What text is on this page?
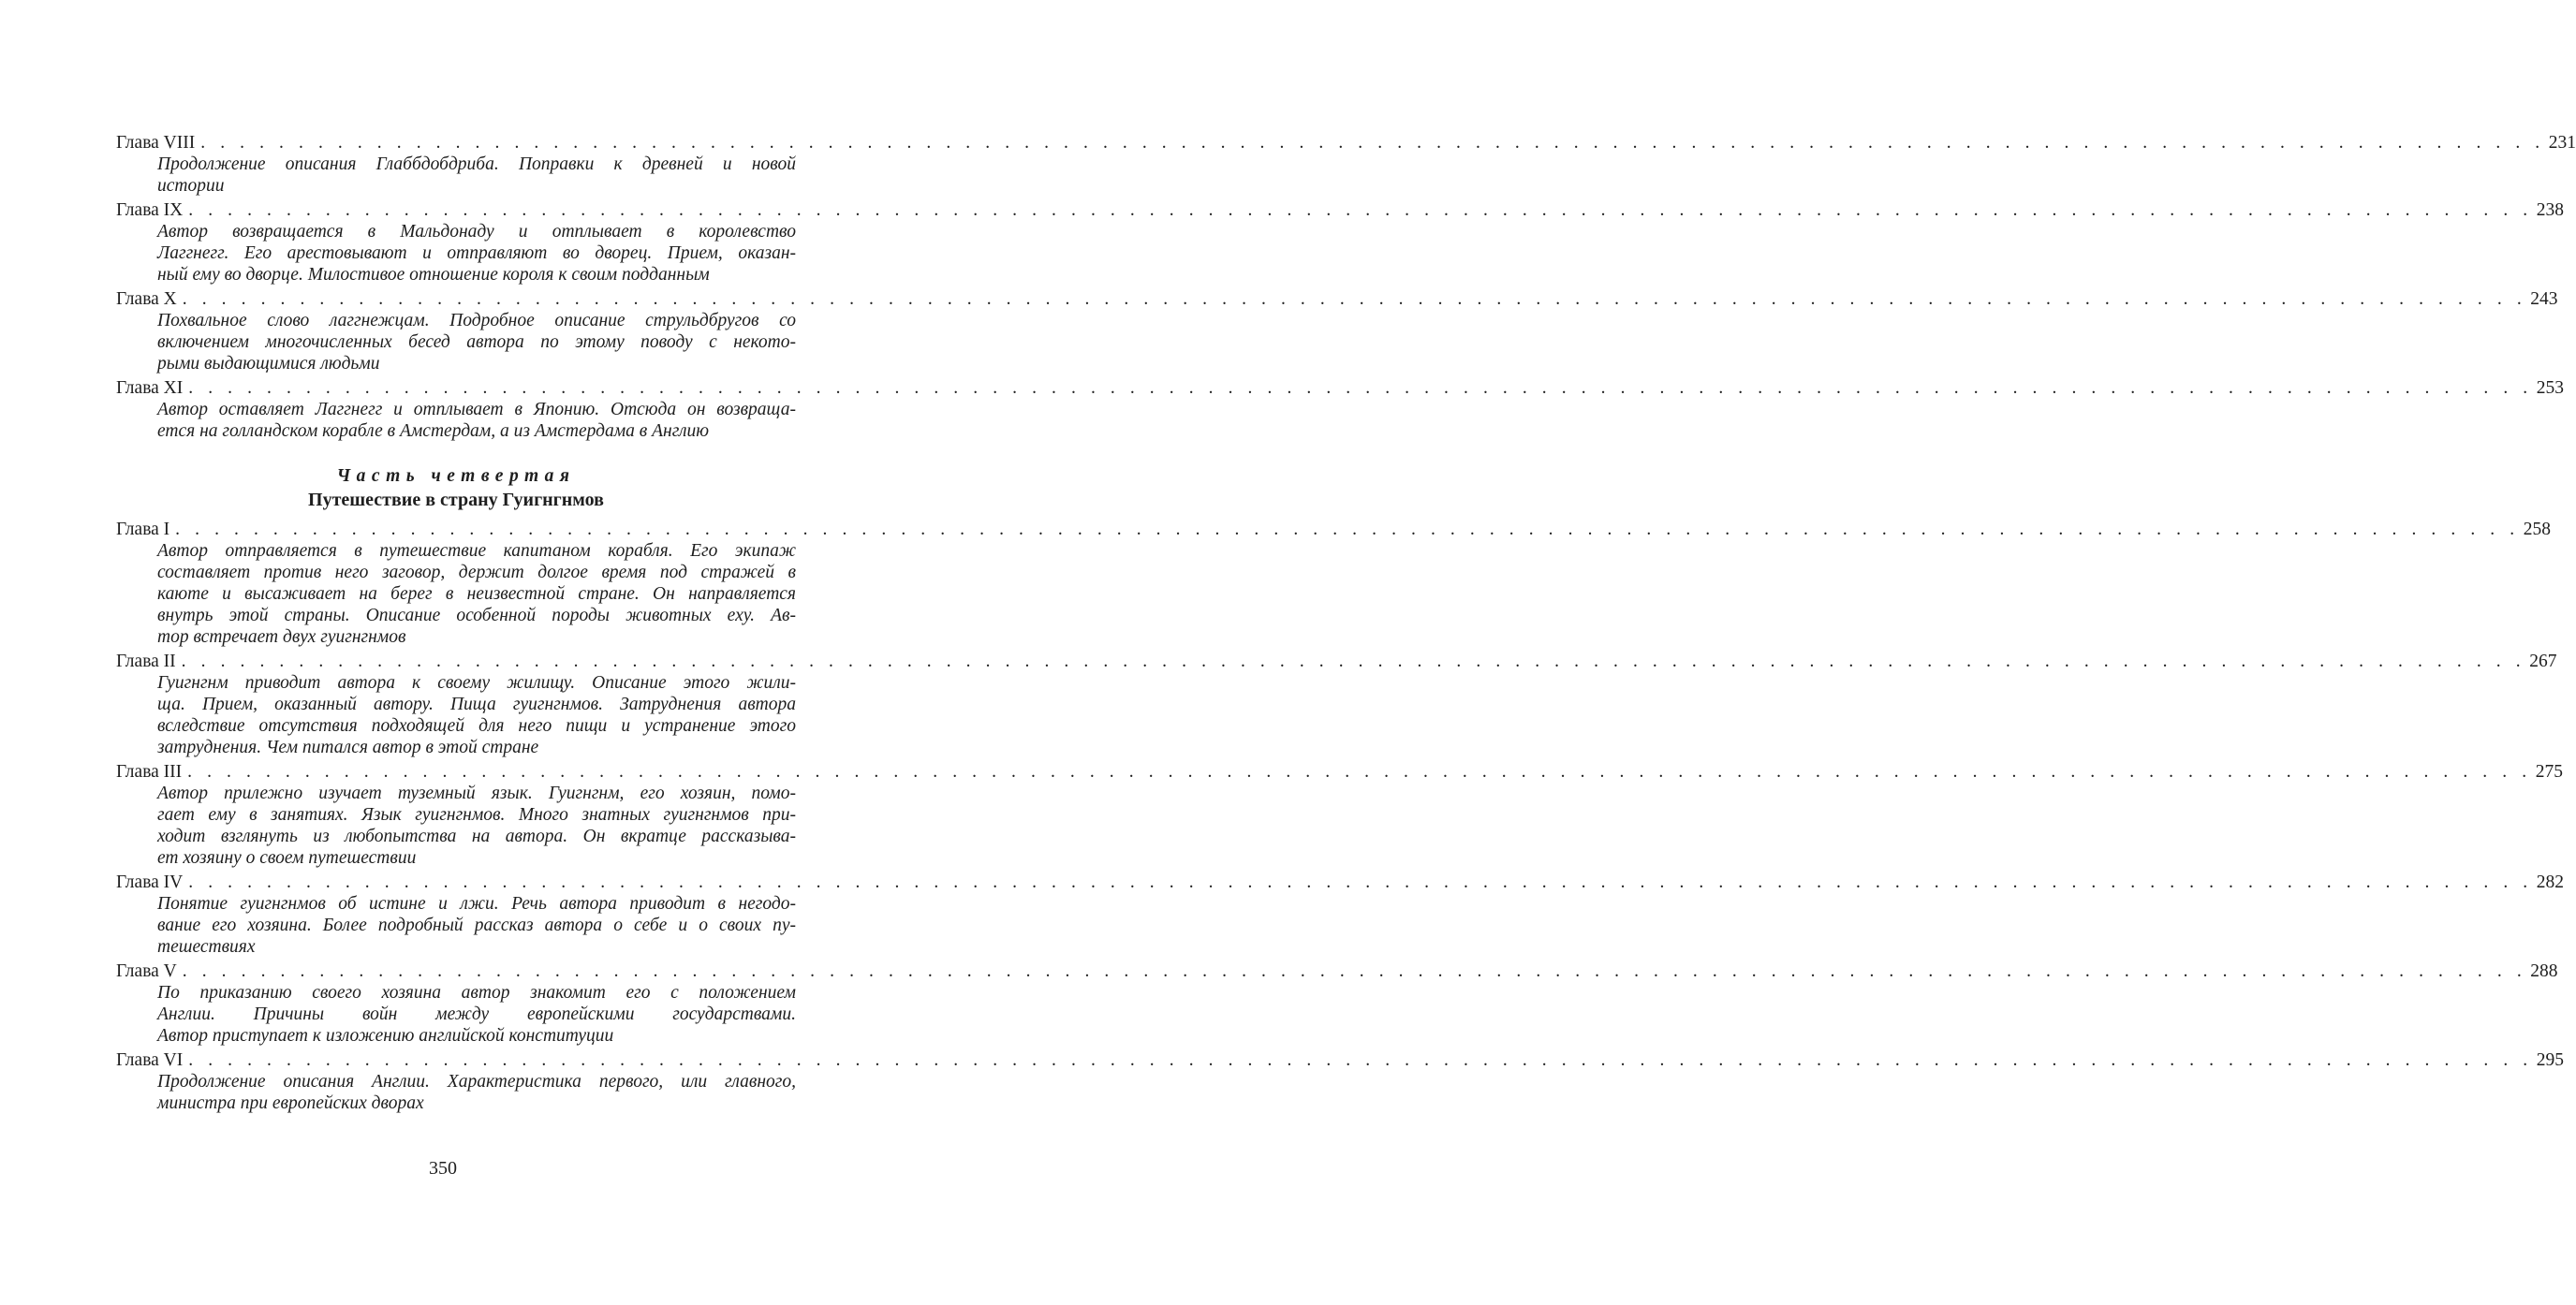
Глава VIII . . . . . . . . . . . . . . . . . . . . . . . . . . . . . . . . . . . . . . . . . . . . . . . . . . . . . . . . . . . . . . . . . . . . . . . . . . . . . . . . . . . . . . . . . . . . . . . . . . . . . . . . . . . . . . . . . . . . . . . . 231
Продолжение описания Глаббдобдриба. Поправки к древней и новой
истории
Глава IX . . . . . . . . . . . . . . . . . . . . . . . . . . . . . . . . . . . . . . . . . . . . . . . . . . . . . . . . . . . . . . . . . . . . . . . . . . . . . . . . . . . . . . . . . . . . . . . . . . . . . . . . . . . . . . . . . . . . . . . . 238
Автор возвращается в Мальдонаду и отплывает в королевство
Лаггнегг. Его арестовывают и отправляют во дворец. Прием, оказан-
ный ему во дворце. Милостивое отношение короля к своим подданным
Глава X . . . . . . . . . . . . . . . . . . . . . . . . . . . . . . . . . . . . . . . . . . . . . . . . . . . . . . . . . . . . . . . . . . . . . . . . . . . . . . . . . . . . . . . . . . . . . . . . . . . . . . . . . . . . . . . . . . . . . . . . 243
Похвальное слово лаггнежцам. Подробное описание струльдбругов со
включением многочисленных бесед автора по этому поводу с некото-
рыми выдающимися людьми
Глава XI . . . . . . . . . . . . . . . . . . . . . . . . . . . . . . . . . . . . . . . . . . . . . . . . . . . . . . . . . . . . . . . . . . . . . . . . . . . . . . . . . . . . . . . . . . . . . . . . . . . . . . . . . . . . . . . . . . . . . . . . 253
Автор оставляет Лаггнегг и отплывает в Японию. Отсюда он возвраща-
ется на голландском корабле в Амстердам, а из Амстердама в Англию
Часть четвертая
Путешествие в страну Гуигнгнмов
Глава I . . . . . . . . . . . . . . . . . . . . . . . . . . . . . . . . . . . . . . . . . . . . . . . . . . . . . . . . . . . . . . . . . . . . . . . . . . . . . . . . . . . . . . . . . . . . . . . . . . . . . . . . . . . . . . . . . . . . . . . . 258
Автор отправляется в путешествие капитаном корабля. Его экипаж
составляет против него заговор, держит долгое время под стражей в
каюте и высаживает на берег в неизвестной стране. Он направляется
внутрь этой страны. Описание особенной породы животных еху. Ав-
тор встречает двух гуигнгнмов
Глава II . . . . . . . . . . . . . . . . . . . . . . . . . . . . . . . . . . . . . . . . . . . . . . . . . . . . . . . . . . . . . . . . . . . . . . . . . . . . . . . . . . . . . . . . . . . . . . . . . . . . . . . . . . . . . . . . . . . . . . . . 267
Гуигнгнм приводит автора к своему жилищу. Описание этого жили-
ща. Прием, оказанный автору. Пища гуигнгнмов. Затруднения автора
вследствие отсутствия подходящей для него пищи и устранение этого
затруднения. Чем питался автор в этой стране
Глава III . . . . . . . . . . . . . . . . . . . . . . . . . . . . . . . . . . . . . . . . . . . . . . . . . . . . . . . . . . . . . . . . . . . . . . . . . . . . . . . . . . . . . . . . . . . . . . . . . . . . . . . . . . . . . . . . . . . . . . . . 275
Автор прилежно изучает туземный язык. Гуигнгнм, его хозяин, помо-
гает ему в занятиях. Язык гуигнгнмов. Много знатных гуигнгнмов при-
ходит взглянуть из любопытства на автора. Он вкратце рассказыва-
ет хозяину о своем путешествии
Глава IV . . . . . . . . . . . . . . . . . . . . . . . . . . . . . . . . . . . . . . . . . . . . . . . . . . . . . . . . . . . . . . . . . . . . . . . . . . . . . . . . . . . . . . . . . . . . . . . . . . . . . . . . . . . . . . . . . . . . . . . . 282
Понятие гуигнгнмов об истине и лжи. Речь автора приводит в негодо-
вание его хозяина. Более подробный рассказ автора о себе и о своих пу-
тешествиях
Глава V . . . . . . . . . . . . . . . . . . . . . . . . . . . . . . . . . . . . . . . . . . . . . . . . . . . . . . . . . . . . . . . . . . . . . . . . . . . . . . . . . . . . . . . . . . . . . . . . . . . . . . . . . . . . . . . . . . . . . . . . 288
По приказанию своего хозяина автор знакомит его с положением
Англии. Причины войн между европейскими государствами.
Автор приступает к изложению английской конституции
Глава VI . . . . . . . . . . . . . . . . . . . . . . . . . . . . . . . . . . . . . . . . . . . . . . . . . . . . . . . . . . . . . . . . . . . . . . . . . . . . . . . . . . . . . . . . . . . . . . . . . . . . . . . . . . . . . . . . . . . . . . . . 295
Продолжение описания Англии. Характеристика первого, или главного,
министра при европейских дворах
350
